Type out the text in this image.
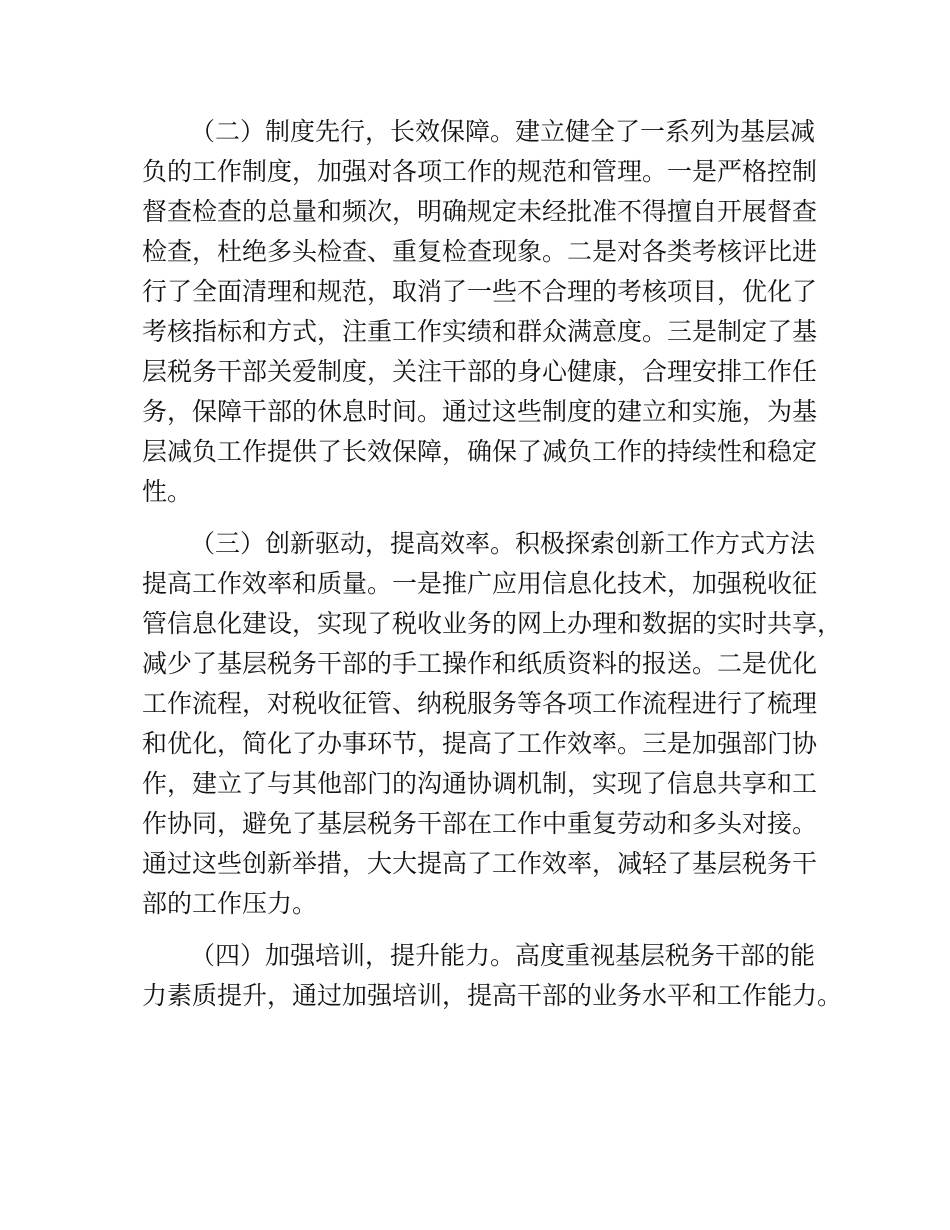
（二）制度先行，长效保障。建立健全了一系列为基层减
负的工作制度，加强对各项工作的规范和管理。一是严格控制
督查检查的总量和频次，明确规定未经批准不得擅自开展督查
检查，杜绝多头检查、重复检查现象。二是对各类考核评比进
行了全面清理和规范，取消了一些不合理的考核项目，优化了
考核指标和方式，注重工作实绩和群众满意度。三是制定了基
层税务干部关爱制度，关注干部的身心健康，合理安排工作任
务，保障干部的休息时间。通过这些制度的建立和实施，为基
层减负工作提供了长效保障，确保了减负工作的持续性和稳定
性。
（三）创新驱动，提高效率。积极探索创新工作方式方法
提高工作效率和质量。一是推广应用信息化技术，加强税收征
管信息化建设，实现了税收业务的网上办理和数据的实时共享，
减少了基层税务干部的手工操作和纸质资料的报送。二是优化
工作流程，对税收征管、纳税服务等各项工作流程进行了梳理
和优化，简化了办事环节，提高了工作效率。三是加强部门协
作，建立了与其他部门的沟通协调机制，实现了信息共享和工
作协同，避免了基层税务干部在工作中重复劳动和多头对接。
通过这些创新举措，大大提高了工作效率，减轻了基层税务干
部的工作压力。
（四）加强培训，提升能力。高度重视基层税务干部的能
力素质提升，通过加强培训，提高干部的业务水平和工作能力。
